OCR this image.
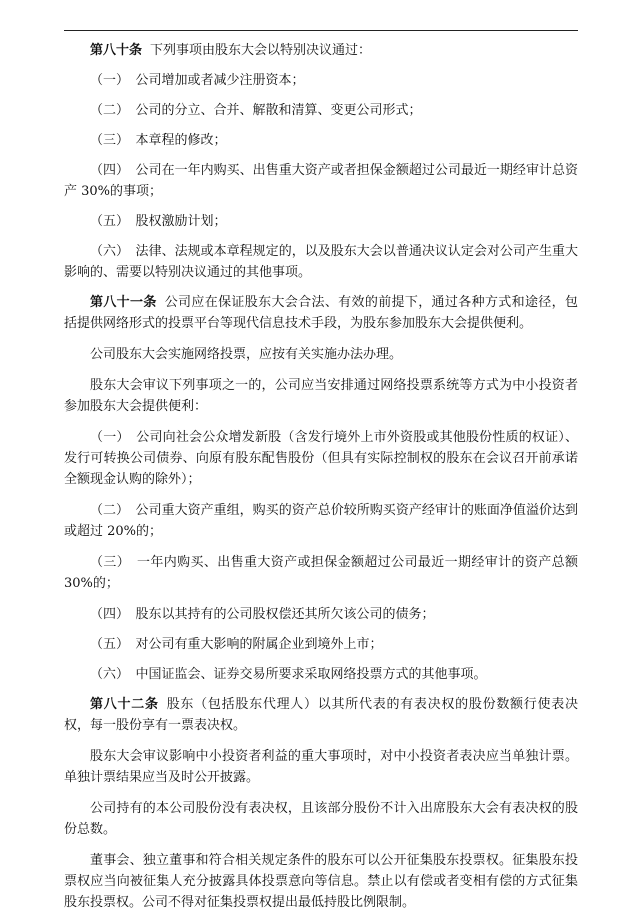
第八十条 下列事项由股东大会以特别决议通过：

（一）　公司增加或者减少注册资本；

（二）　公司的分立、合并、解散和清算、变更公司形式；

（三）　本章程的修改；

（四）　公司在一年内购买、出售重大资产或者担保金额超过公司最近一期经审计总资产 30%的事项；

（五）　股权激励计划；

（六）　法律、法规或本章程规定的，以及股东大会以普通决议认定会对公司产生重大影响的、需要以特别决议通过的其他事项。

第八十一条 公司应在保证股东大会合法、有效的前提下，通过各种方式和途径，包括提供网络形式的投票平台等现代信息技术手段，为股东参加股东大会提供便利。

公司股东大会实施网络投票，应按有关实施办法办理。

股东大会审议下列事项之一的，公司应当安排通过网络投票系统等方式为中小投资者参加股东大会提供便利：

（一）　公司向社会公众增发新股（含发行境外上市外资股或其他股份性质的权证）、发行可转换公司债券、向原有股东配售股份（但具有实际控制权的股东在会议召开前承诺全额现金认购的除外）；

（二）　公司重大资产重组，购买的资产总价较所购买资产经审计的账面净值溢价达到或超过 20%的；

（三）　一年内购买、出售重大资产或担保金额超过公司最近一期经审计的资产总额 30%的；

（四）　股东以其持有的公司股权偿还其所欠该公司的债务；

（五）　对公司有重大影响的附属企业到境外上市；

（六）　中国证监会、证券交易所要求采取网络投票方式的其他事项。

第八十二条 股东（包括股东代理人）以其所代表的有表决权的股份数额行使表决权，每一股份享有一票表决权。

股东大会审议影响中小投资者利益的重大事项时，对中小投资者表决应当单独计票。单独计票结果应当及时公开披露。

公司持有的本公司股份没有表决权，且该部分股份不计入出席股东大会有表决权的股份总数。

董事会、独立董事和符合相关规定条件的股东可以公开征集股东投票权。征集股东投票权应当向被征集人充分披露具体投票意向等信息。禁止以有偿或者变相有偿的方式征集股东投票权。公司不得对征集投票权提出最低持股比例限制。
